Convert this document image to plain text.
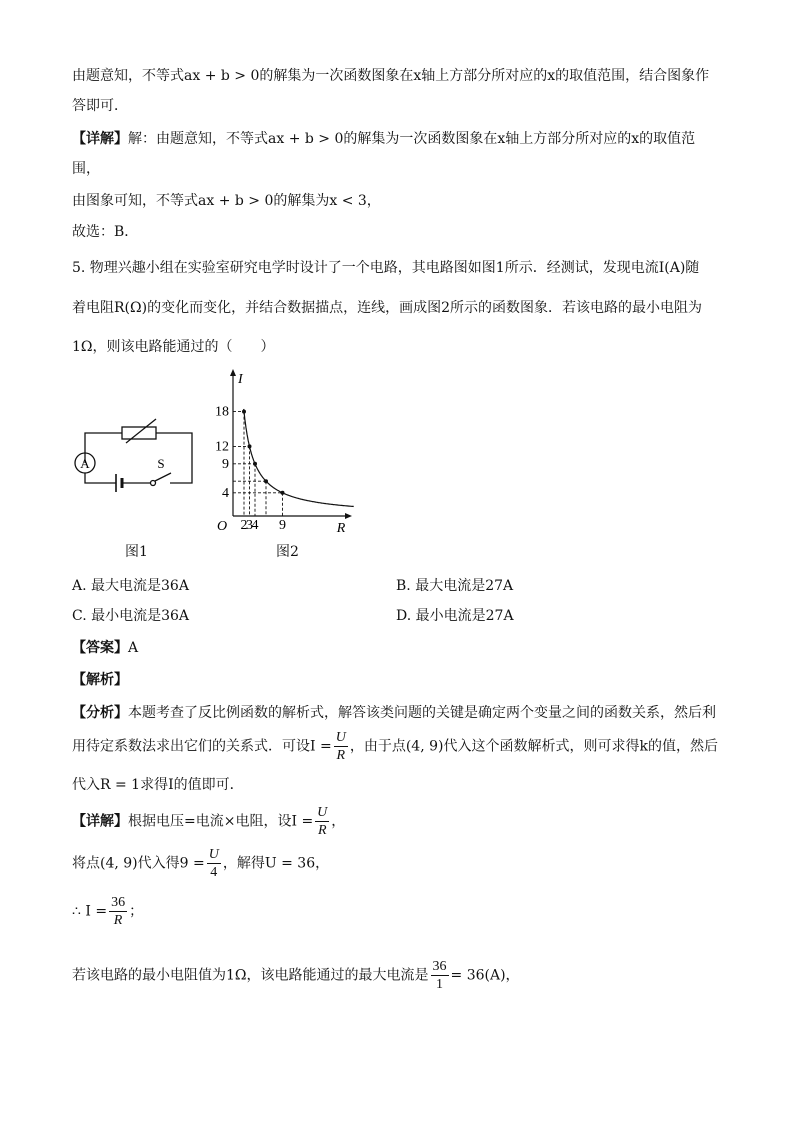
由题意知，不等式ax + b > 0的解集为一次函数图象在x轴上方部分所对应的x的取值范围，结合图象作
答即可．
【详解】解：由题意知，不等式ax + b > 0的解集为一次函数图象在x轴上方部分所对应的x的取值范
围，
由图象可知，不等式ax + b > 0的解集为x < 3，
故选：B．
5. 物理兴趣小组在实验室研究电学时设计了一个电路，其电路图如图1所示．经测试，发现电流I(A)随
着电阻R(Ω)的变化而变化，并结合数据描点，连线，画成图2所示的函数图象．若该电路的最小电阻为
1Ω，则该电路能通过的（　　）
A	S
图1
I
R
O
18
12
9
4
2
3
4 9
图2
A. 最大电流是36A	B. 最大电流是27A
C. 最小电流是36A	D. 最小电流是27A
【答案】A
【解析】
【分析】本题考查了反比例函数的解析式，解答该类问题的关键是确定两个变量之间的函数关系，然后利
用待定系数法求出它们的关系式．可设$I = \frac{U}{R}$ ，由于点(4, 9)代入这个函数解析式，则可求得k的值，然后
代入R = 1求得I的值即可．
【详解】根据电压=电流×电阻，设$I = \frac{U}{R}$ ，
将点(4, 9)代入得$9 = \frac{U}{4}$ ，解得U = 36，
∴ $I = \frac{36}{R}$ ；
若该电路的最小电阻值为1Ω，该电路能通过的最大电流是 $\frac{36}{1} = 36(A)$，
